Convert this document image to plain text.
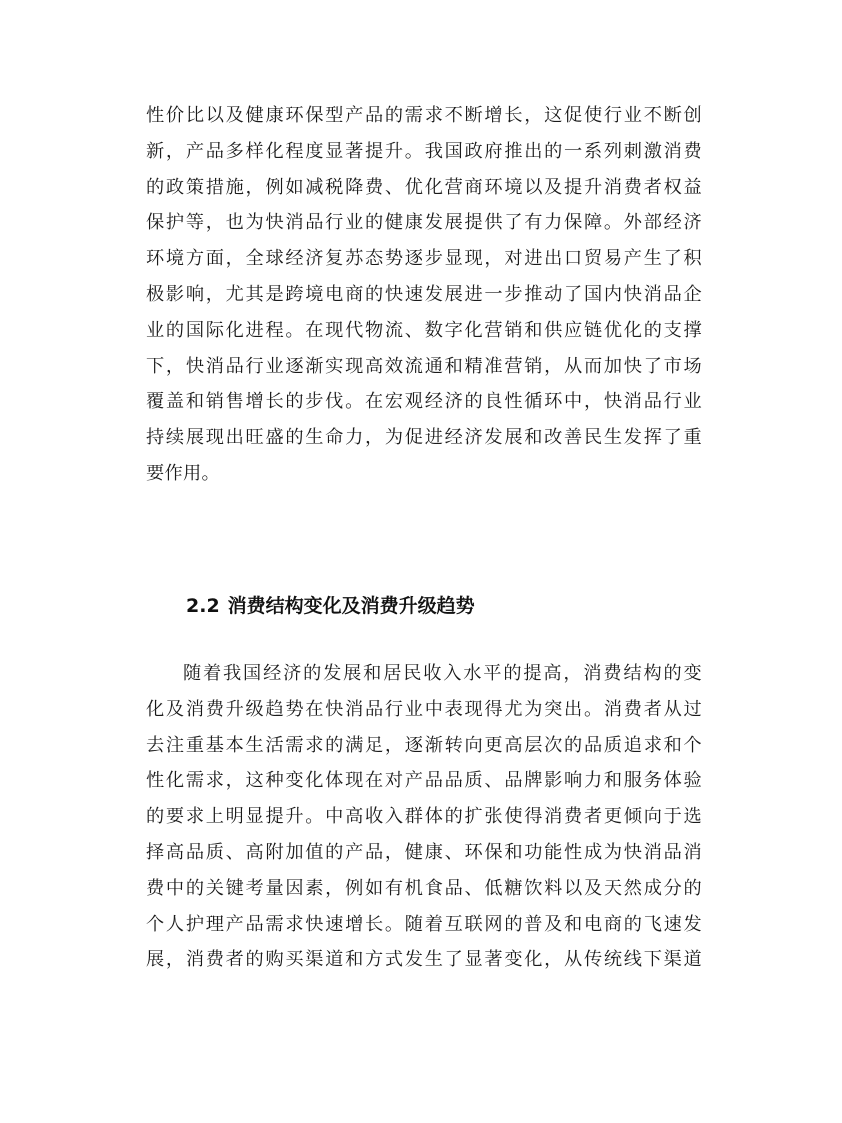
性价比以及健康环保型产品的需求不断增长，这促使行业不断创
新，产品多样化程度显著提升。我国政府推出的一系列刺激消费
的政策措施，例如减税降费、优化营商环境以及提升消费者权益
保护等，也为快消品行业的健康发展提供了有力保障。外部经济
环境方面，全球经济复苏态势逐步显现，对进出口贸易产生了积
极影响，尤其是跨境电商的快速发展进一步推动了国内快消品企
业的国际化进程。在现代物流、数字化营销和供应链优化的支撑
下，快消品行业逐渐实现高效流通和精准营销，从而加快了市场
覆盖和销售增长的步伐。在宏观经济的良性循环中，快消品行业
持续展现出旺盛的生命力，为促进经济发展和改善民生发挥了重
要作用。
2.2 消费结构变化及消费升级趋势
随着我国经济的发展和居民收入水平的提高，消费结构的变
化及消费升级趋势在快消品行业中表现得尤为突出。消费者从过
去注重基本生活需求的满足，逐渐转向更高层次的品质追求和个
性化需求，这种变化体现在对产品品质、品牌影响力和服务体验
的要求上明显提升。中高收入群体的扩张使得消费者更倾向于选
择高品质、高附加值的产品，健康、环保和功能性成为快消品消
费中的关键考量因素，例如有机食品、低糖饮料以及天然成分的
个人护理产品需求快速增长。随着互联网的普及和电商的飞速发
展，消费者的购买渠道和方式发生了显著变化，从传统线下渠道
